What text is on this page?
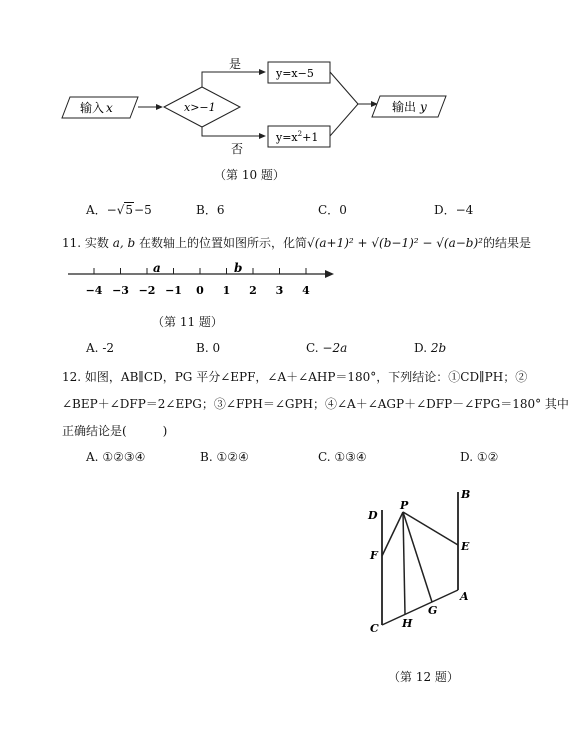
输入 x	x>−1
是
y=x−5
否
$y=x^2+1$
输出 y
（第 10 题）
A．−√5−5	B．6	C．0	D．−4
11. 实数 a, b 在数轴上的位置如图所示，化简√(a+1)² + √(b−1)² − √(a−b)²的结果是
−4 −3 −2 −1 0 1 2 3 4
a	b
（第 11 题）
A. -2	B. 0	C. −2a	D. 2b
12. 如图，AB∥CD，PG 平分∠EPF，∠A＋∠AHP＝180°，下列结论：①CD∥PH；②
∠BEP＋∠DFP＝2∠EPG；③∠FPH＝∠GPH；④∠A＋∠AGP＋∠DFP－∠FPG＝180° 其中
正确结论是(　　　)
A. ①②③④	B. ①②④	C. ①③④	D. ①②
B
D
P
F
E
A
G
H
C
（第 12 题）
